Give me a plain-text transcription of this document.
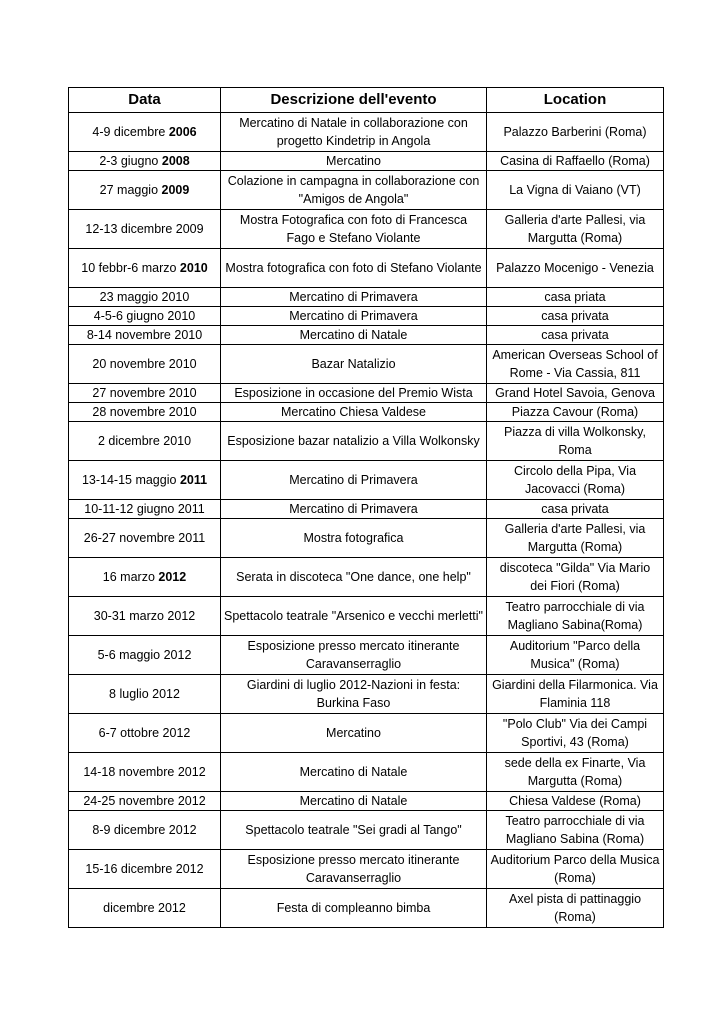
Data	Descrizione dell'evento	Location
4-9 dicembre 2006	Mercatino di Natale in collaborazione con progetto Kindetrip in Angola	Palazzo Barberini (Roma)
2-3 giugno 2008	Mercatino	Casina di Raffaello (Roma)
27 maggio 2009	Colazione in campagna in collaborazione con "Amigos de Angola"	La Vigna di Vaiano (VT)
12-13 dicembre 2009	Mostra Fotografica con foto di Francesca Fago e Stefano Violante	Galleria d'arte Pallesi, via Margutta (Roma)
10 febbr-6 marzo 2010	Mostra fotografica con foto di Stefano Violante	Palazzo Mocenigo - Venezia
23 maggio 2010	Mercatino di Primavera	casa priata
4-5-6 giugno 2010	Mercatino di Primavera	casa privata
8-14 novembre 2010	Mercatino di Natale	casa privata
20 novembre 2010	Bazar Natalizio	American Overseas School of Rome - Via Cassia, 811
27 novembre 2010	Esposizione in occasione del Premio Wista	Grand Hotel Savoia, Genova
28 novembre 2010	Mercatino Chiesa Valdese	Piazza Cavour (Roma)
2 dicembre 2010	Esposizione bazar natalizio a Villa Wolkonsky	Piazza di villa Wolkonsky, Roma
13-14-15 maggio 2011	Mercatino di Primavera	Circolo della Pipa, Via Jacovacci (Roma)
10-11-12 giugno 2011	Mercatino di Primavera	casa privata
26-27 novembre 2011	Mostra fotografica	Galleria d'arte Pallesi, via Margutta (Roma)
16 marzo 2012	Serata in discoteca "One dance, one help"	discoteca "Gilda" Via Mario dei Fiori (Roma)
30-31 marzo 2012	Spettacolo teatrale "Arsenico e vecchi merletti"	Teatro parrocchiale di via Magliano Sabina(Roma)
5-6 maggio 2012	Esposizione presso mercato itinerante Caravanserraglio	Auditorium "Parco della Musica" (Roma)
8 luglio 2012	Giardini di luglio 2012-Nazioni in festa: Burkina Faso	Giardini della Filarmonica. Via Flaminia 118
6-7 ottobre 2012	Mercatino	"Polo Club" Via dei Campi Sportivi, 43 (Roma)
14-18 novembre 2012	Mercatino di Natale	sede della ex Finarte, Via Margutta (Roma)
24-25 novembre 2012	Mercatino di Natale	Chiesa Valdese (Roma)
8-9 dicembre 2012	Spettacolo teatrale "Sei gradi al Tango"	Teatro parrocchiale di via Magliano Sabina (Roma)
15-16 dicembre 2012	Esposizione presso mercato itinerante Caravanserraglio	Auditorium Parco della Musica (Roma)
dicembre 2012	Festa di compleanno bimba	Axel pista di pattinaggio (Roma)
